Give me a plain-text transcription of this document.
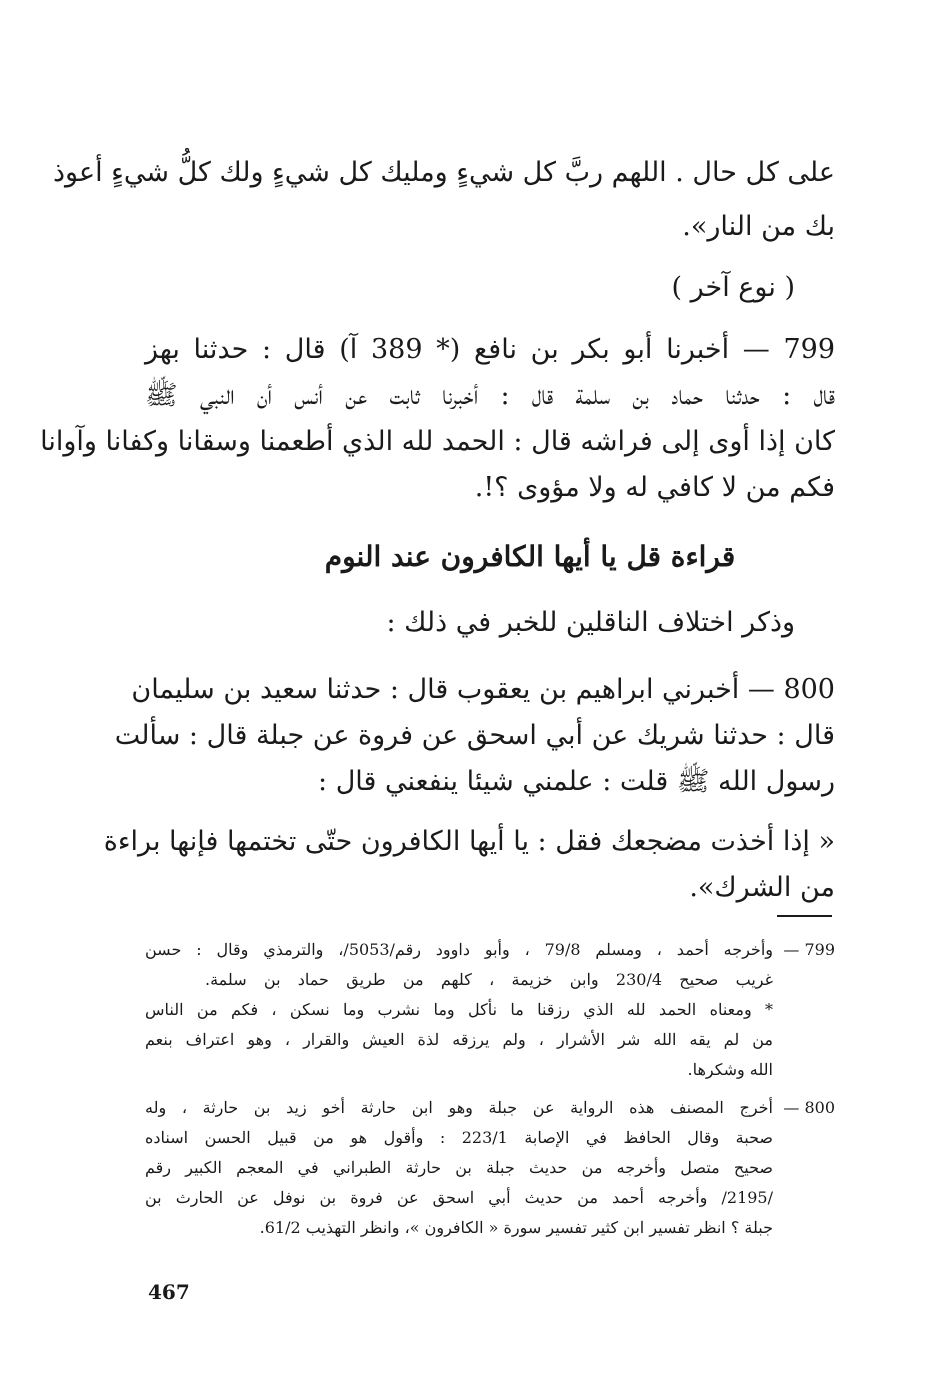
على كل حال . اللهم ربَّ كل شيءٍ ومليك كل شيءٍ ولك كلُّ شيءٍ أعوذ
بك من النار».
( نوع آخر )
799 — أخبرنا أبو بكر بن نافع (* 389 آ) قال : حدثنا بهز
قال : حدثنا حماد بن سلمة قال : أخبرنا ثابت عن أنس أن النبي ﷺ
كان إذا أوى إلى فراشه قال : الحمد لله الذي أطعمنا وسقانا وكفانا وآوانا
فكم من لا كافي له ولا مؤوى ؟!.
قراءة قل يا أيها الكافرون عند النوم
وذكر اختلاف الناقلين للخبر في ذلك :
800 — أخبرني ابراهيم بن يعقوب قال : حدثنا سعيد بن سليمان
قال : حدثنا شريك عن أبي اسحق عن فروة عن جبلة قال : سألت
رسول الله ﷺ قلت : علمني شيئا ينفعني قال :
« إذا أخذت مضجعك فقل : يا أيها الكافرون حتّى تختمها فإنها براءة
من الشرك».
799 —
وأخرجه أحمد ، ومسلم 79/8 ، وأبو داوود رقم/5053/، والترمذي وقال : حسن
غريب صحيح 230/4 وابن خزيمة ، كلهم من طريق حماد بن سلمة.
* ومعناه الحمد لله الذي رزقنا ما نأكل وما نشرب وما نسكن ، فكم من الناس
من لم يقه الله شر الأشرار ، ولم يرزقه لذة العيش والقرار ، وهو اعتراف بنعم
الله وشكرها.
800 —
أخرج المصنف هذه الرواية عن جبلة وهو ابن حارثة أخو زيد بن حارثة ، وله
صحبة وقال الحافظ في الإصابة 223/1 : وأقول هو من قبيل الحسن اسناده
صحيح متصل وأخرجه من حديث جبلة بن حارثة الطبراني في المعجم الكبير رقم
/2195/ وأخرجه أحمد من حديث أبي اسحق عن فروة بن نوفل عن الحارث بن
جبلة ؟ انظر تفسير ابن كثير تفسير سورة « الكافرون »، وانظر التهذيب 61/2.
467
